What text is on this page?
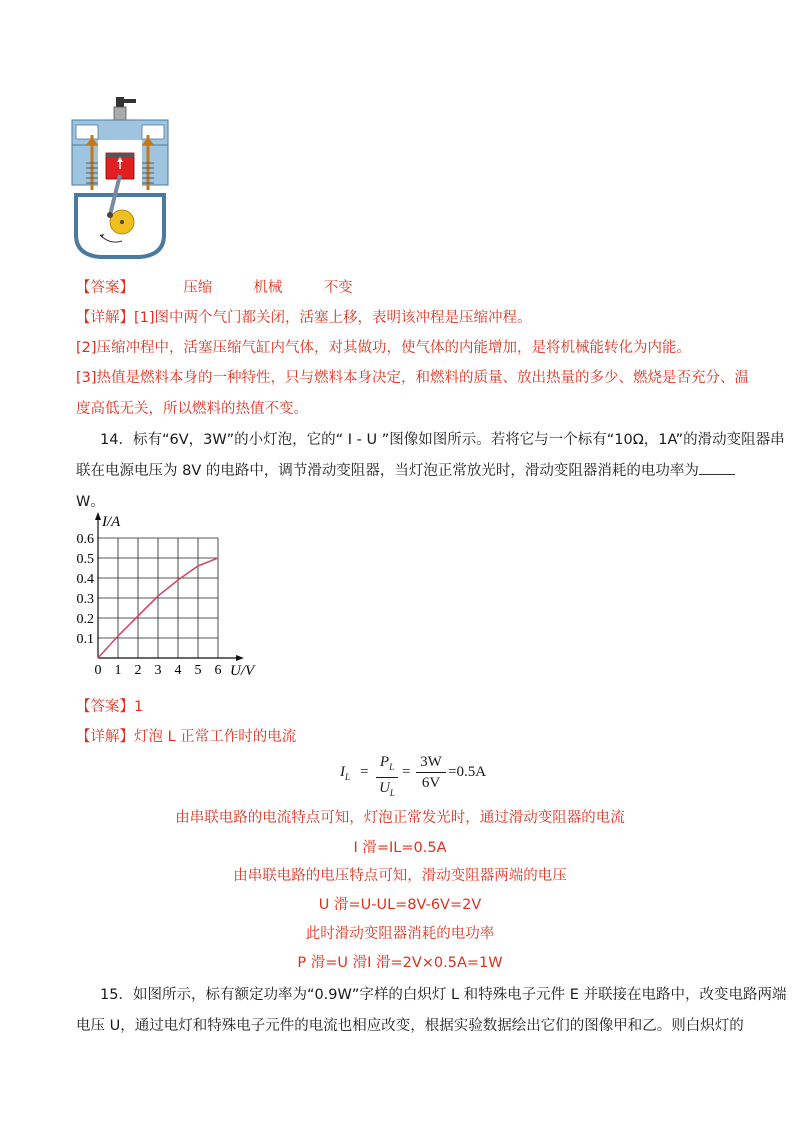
【答案】	压缩	机械	不变
【详解】[1]图中两个气门都关闭，活塞上移，表明该冲程是压缩冲程。
[2]压缩冲程中，活塞压缩气缸内气体，对其做功，使气体的内能增加，是将机械能转化为内能。
[3]热值是燃料本身的一种特性，只与燃料本身决定，和燃料的质量、放出热量的多少、燃烧是否充分、温
度高低无关，所以燃料的热值不变。
14．标有“6V，3W”的小灯泡，它的“ I - U ”图像如图所示。若将它与一个标有“10Ω，1A”的滑动变阻器串
联在电源电压为 8V 的电路中，调节滑动变阻器，当灯泡正常放光时，滑动变阻器消耗的电功率为
W。
0 1 2 3 4 5 6
0.1
0.2
0.3
0.4
0.5
0.6
U/V
I/A
【答案】1
【详解】灯泡 L 正常工作时的电流
$I_L$ =
$P_L$
$U_L$
=
3W
6V
=0.5A
由串联电路的电流特点可知，灯泡正常发光时，通过滑动变阻器的电流
I 滑=IL=0.5A
由串联电路的电压特点可知，滑动变阻器两端的电压
U 滑=U-UL=8V-6V=2V
此时滑动变阻器消耗的电功率
P 滑=U 滑I 滑=2V×0.5A=1W
15．如图所示，标有额定功率为“0.9W”字样的白炽灯 L 和特殊电子元件 E 并联接在电路中，改变电路两端
电压 U，通过电灯和特殊电子元件的电流也相应改变，根据实验数据绘出它们的图像甲和乙。则白炽灯的
